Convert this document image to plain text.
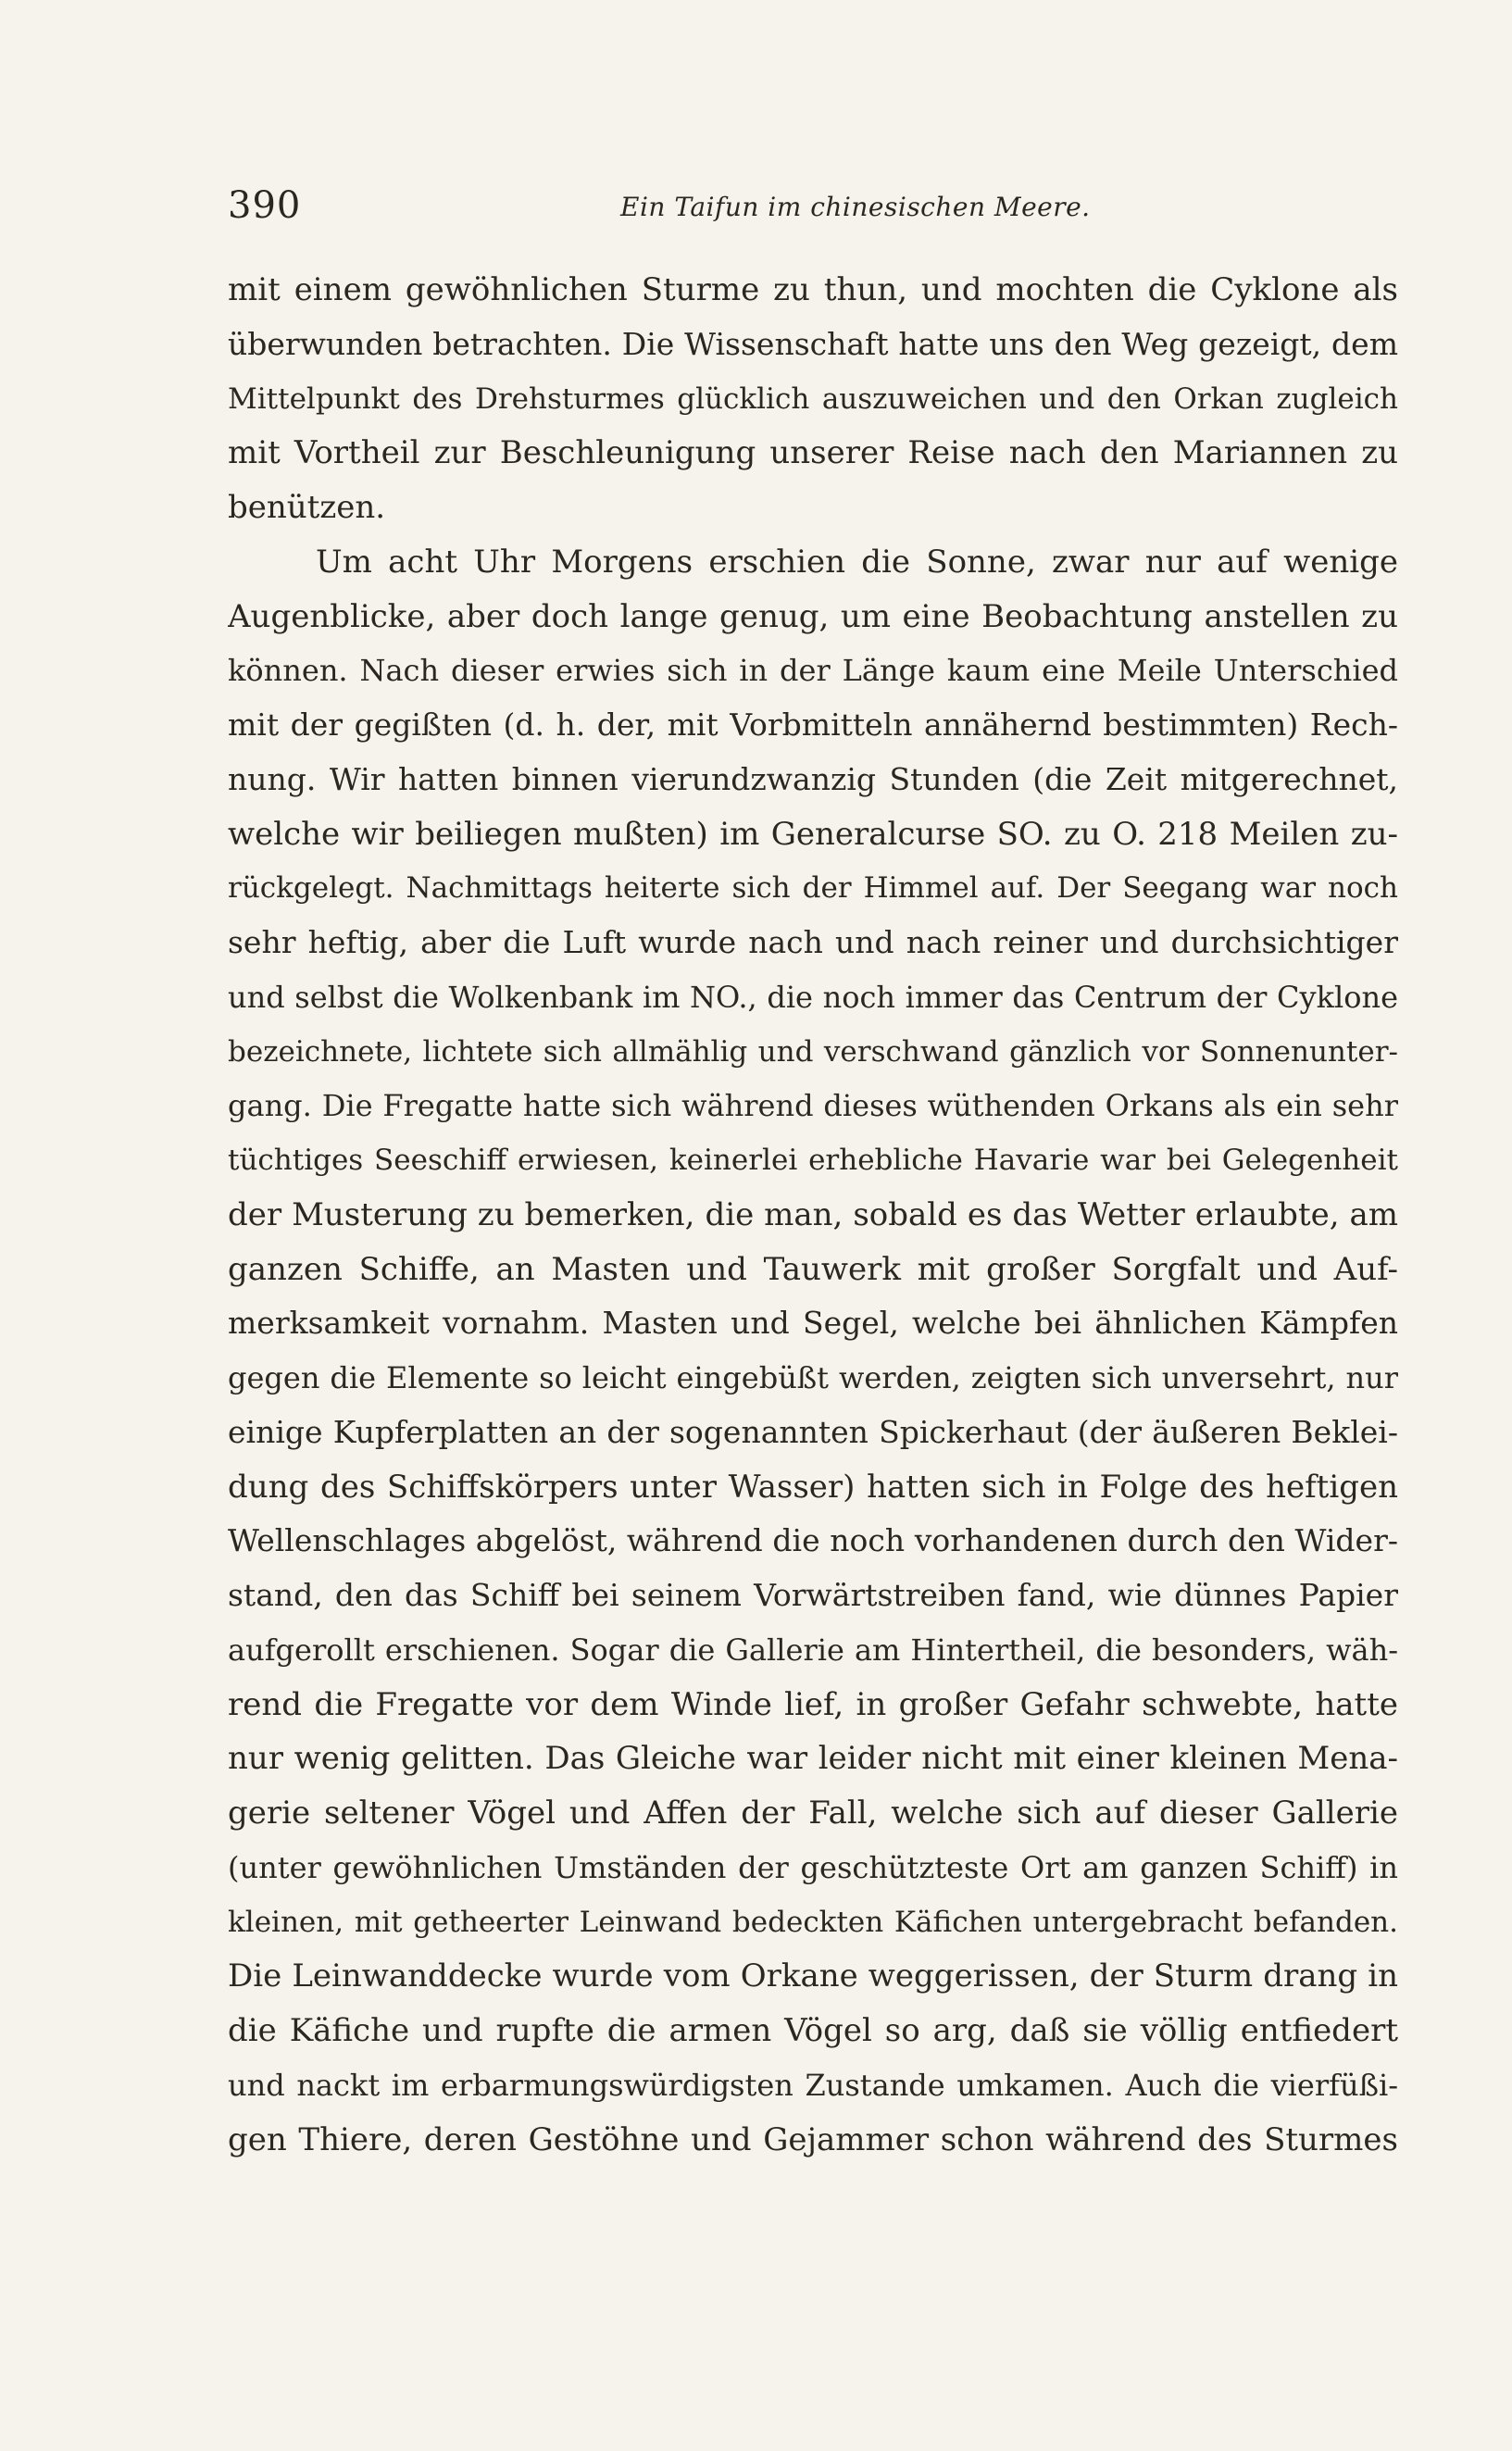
390	Ein Taifun im chinesischen Meere.
mit einem gewöhnlichen Sturme zu thun, und mochten die Cyklone als
überwunden betrachten. Die Wissenschaft hatte uns den Weg gezeigt, dem
Mittelpunkt des Drehsturmes glücklich auszuweichen und den Orkan zugleich
mit Vortheil zur Beschleunigung unserer Reise nach den Mariannen zu
benützen.
Um acht Uhr Morgens erschien die Sonne, zwar nur auf wenige
Augenblicke, aber doch lange genug, um eine Beobachtung anstellen zu
können. Nach dieser erwies sich in der Länge kaum eine Meile Unterschied
mit der gegißten (d. h. der, mit Vorbmitteln annähernd bestimmten) Rech-
nung. Wir hatten binnen vierundzwanzig Stunden (die Zeit mitgerechnet,
welche wir beiliegen mußten) im Generalcurse SO. zu O. 218 Meilen zu-
rückgelegt. Nachmittags heiterte sich der Himmel auf. Der Seegang war noch
sehr heftig, aber die Luft wurde nach und nach reiner und durchsichtiger
und selbst die Wolkenbank im NO., die noch immer das Centrum der Cyklone
bezeichnete, lichtete sich allmählig und verschwand gänzlich vor Sonnenunter-
gang. Die Fregatte hatte sich während dieses wüthenden Orkans als ein sehr
tüchtiges Seeschiff erwiesen, keinerlei erhebliche Havarie war bei Gelegenheit
der Musterung zu bemerken, die man, sobald es das Wetter erlaubte, am
ganzen Schiffe, an Masten und Tauwerk mit großer Sorgfalt und Auf-
merksamkeit vornahm. Masten und Segel, welche bei ähnlichen Kämpfen
gegen die Elemente so leicht eingebüßt werden, zeigten sich unversehrt, nur
einige Kupferplatten an der sogenannten Spickerhaut (der äußeren Beklei-
dung des Schiffskörpers unter Wasser) hatten sich in Folge des heftigen
Wellenschlages abgelöst, während die noch vorhandenen durch den Wider-
stand, den das Schiff bei seinem Vorwärtstreiben fand, wie dünnes Papier
aufgerollt erschienen. Sogar die Gallerie am Hintertheil, die besonders, wäh-
rend die Fregatte vor dem Winde lief, in großer Gefahr schwebte, hatte
nur wenig gelitten. Das Gleiche war leider nicht mit einer kleinen Mena-
gerie seltener Vögel und Affen der Fall, welche sich auf dieser Gallerie
(unter gewöhnlichen Umständen der geschützteste Ort am ganzen Schiff) in
kleinen, mit getheerter Leinwand bedeckten Käfichen untergebracht befanden.
Die Leinwanddecke wurde vom Orkane weggerissen, der Sturm drang in
die Käfiche und rupfte die armen Vögel so arg, daß sie völlig entfiedert
und nackt im erbarmungswürdigsten Zustande umkamen. Auch die vierfüßi-
gen Thiere, deren Gestöhne und Gejammer schon während des Sturmes
